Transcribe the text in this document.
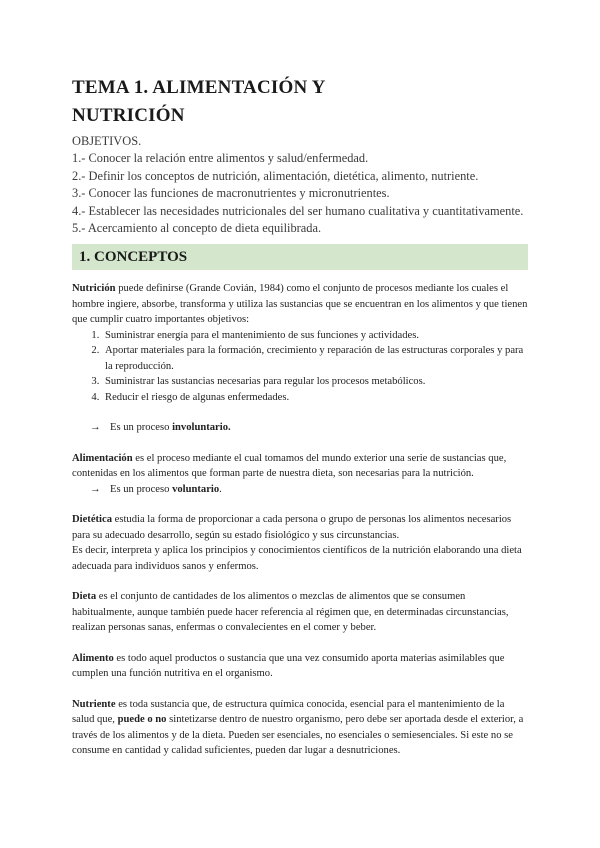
TEMA 1. ALIMENTACIÓN Y
NUTRICIÓN
OBJETIVOS.
1.- Conocer la relación entre alimentos y salud/enfermedad.
2.- Definir los conceptos de nutrición, alimentación, dietética, alimento, nutriente.
3.- Conocer las funciones de macronutrientes y micronutrientes.
4.- Establecer las necesidades nutricionales del ser humano cualitativa y cuantitativamente.
5.- Acercamiento al concepto de dieta equilibrada.
1. CONCEPTOS

Nutrición puede definirse (Grande Covián, 1984) como el conjunto de procesos mediante los cuales el hombre ingiere, absorbe, transforma y utiliza las sustancias que se encuentran en los alimentos y que tienen que cumplir cuatro importantes objetivos:

1. Suministrar energía para el mantenimiento de sus funciones y actividades.
2. Aportar materiales para la formación, crecimiento y reparación de las estructuras corporales y para la reproducción.
3. Suministrar las sustancias necesarias para regular los procesos metabólicos.
4. Reducir el riesgo de algunas enfermedades.

→ Es un proceso involuntario.

Alimentación es el proceso mediante el cual tomamos del mundo exterior una serie de sustancias que, contenidas en los alimentos que forman parte de nuestra dieta, son necesarias para la nutrición.

→ Es un proceso voluntario.

Dietética estudia la forma de proporcionar a cada persona o grupo de personas los alimentos necesarios para su adecuado desarrollo, según su estado fisiológico y sus circunstancias.

Es decir, interpreta y aplica los principios y conocimientos científicos de la nutrición elaborando una dieta adecuada para individuos sanos y enfermos.

Dieta es el conjunto de cantidades de los alimentos o mezclas de alimentos que se consumen habitualmente, aunque también puede hacer referencia al régimen que, en determinadas circunstancias, realizan personas sanas, enfermas o convalecientes en el comer y beber.

Alimento es todo aquel productos o sustancia que una vez consumido aporta materias asimilables que cumplen una función nutritiva en el organismo.

Nutriente es toda sustancia que, de estructura química conocida, esencial para el mantenimiento de la salud que, puede o no sintetizarse dentro de nuestro organismo, pero debe ser aportada desde el exterior, a través de los alimentos y de la dieta. Pueden ser esenciales, no esenciales o semiesenciales. Si este no se consume en cantidad y calidad suficientes, pueden dar lugar a desnutriciones.
